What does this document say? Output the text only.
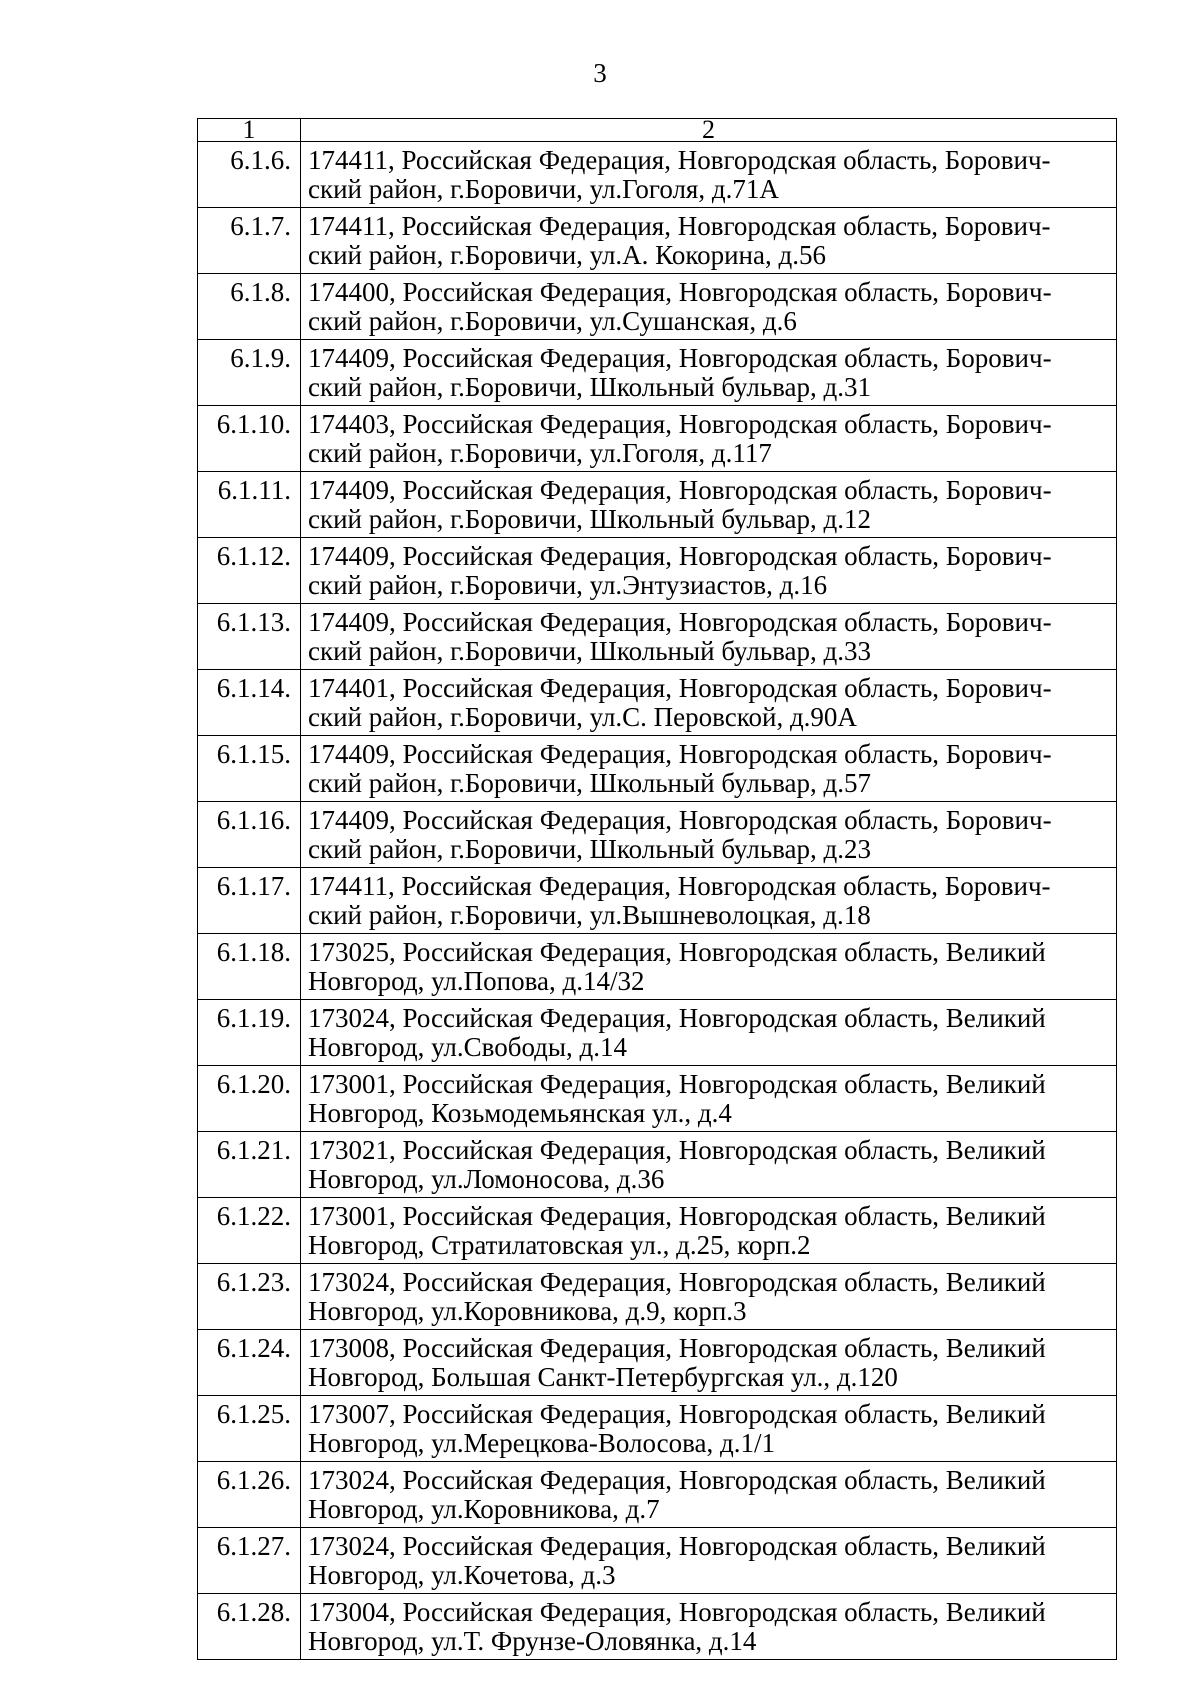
3
1	2
6.1.6.	174411, Российская Федерация, Новгородская область, Борович-
ский район, г.Боровичи, ул.Гоголя, д.71А

6.1.7.	174411, Российская Федерация, Новгородская область, Борович-
ский район, г.Боровичи, ул.А. Кокорина, д.56

6.1.8.	174400, Российская Федерация, Новгородская область, Борович-
ский район, г.Боровичи, ул.Сушанская, д.6

6.1.9.	174409, Российская Федерация, Новгородская область, Борович-
ский район, г.Боровичи, Школьный бульвар, д.31

6.1.10.	174403, Российская Федерация, Новгородская область, Борович-
ский район, г.Боровичи, ул.Гоголя, д.117

6.1.11.	174409, Российская Федерация, Новгородская область, Борович-
ский район, г.Боровичи, Школьный бульвар, д.12

6.1.12.	174409, Российская Федерация, Новгородская область, Борович-
ский район, г.Боровичи, ул.Энтузиастов, д.16

6.1.13.	174409, Российская Федерация, Новгородская область, Борович-
ский район, г.Боровичи, Школьный бульвар, д.33

6.1.14.	174401, Российская Федерация, Новгородская область, Борович-
ский район, г.Боровичи, ул.С. Перовской, д.90А

6.1.15.	174409, Российская Федерация, Новгородская область, Борович-
ский район, г.Боровичи, Школьный бульвар, д.57

6.1.16.	174409, Российская Федерация, Новгородская область, Борович-
ский район, г.Боровичи, Школьный бульвар, д.23

6.1.17.	174411, Российская Федерация, Новгородская область, Борович-
ский район, г.Боровичи, ул.Вышневолоцкая, д.18

6.1.18.	173025, Российская Федерация, Новгородская область, Великий
Новгород, ул.Попова, д.14/32

6.1.19.	173024, Российская Федерация, Новгородская область, Великий
Новгород, ул.Свободы, д.14

6.1.20.	173001, Российская Федерация, Новгородская область, Великий
Новгород, Козьмодемьянская ул., д.4

6.1.21.	173021, Российская Федерация, Новгородская область, Великий
Новгород, ул.Ломоносова, д.36

6.1.22.	173001, Российская Федерация, Новгородская область, Великий
Новгород, Стратилатовская ул., д.25, корп.2

6.1.23.	173024, Российская Федерация, Новгородская область, Великий
Новгород, ул.Коровникова, д.9, корп.3

6.1.24.	173008, Российская Федерация, Новгородская область, Великий
Новгород, Большая Санкт-Петербургская ул., д.120

6.1.25.	173007, Российская Федерация, Новгородская область, Великий
Новгород, ул.Мерецкова-Волосова, д.1/1

6.1.26.	173024, Российская Федерация, Новгородская область, Великий
Новгород, ул.Коровникова, д.7

6.1.27.	173024, Российская Федерация, Новгородская область, Великий
Новгород, ул.Кочетова, д.3

6.1.28.	173004, Российская Федерация, Новгородская область, Великий
Новгород, ул.Т. Фрунзе-Оловянка, д.14
